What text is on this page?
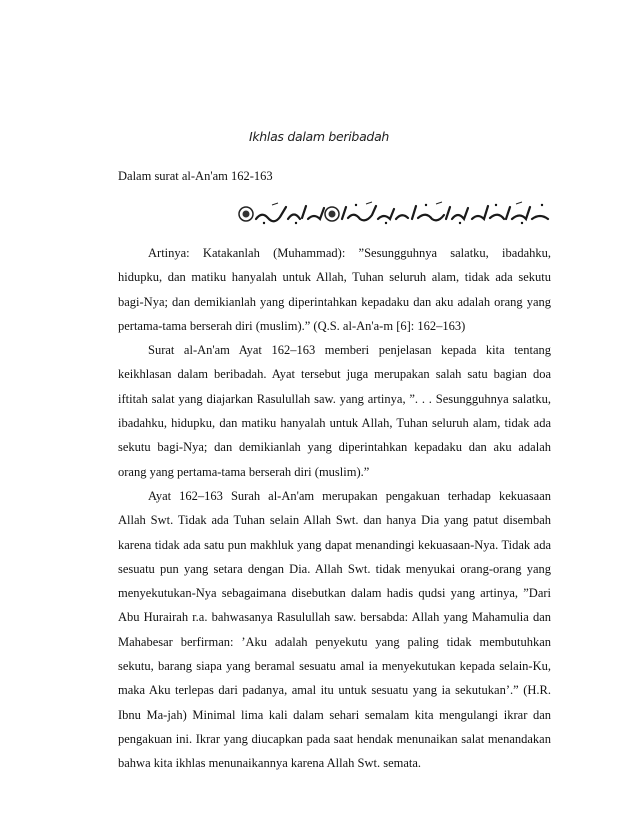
Ikhlas dalam beribadah
Dalam surat al-An'am 162-163

Artinya: Katakanlah (Muhammad): ”Sesungguhnya salatku, ibadahku,
hidupku, dan matiku hanyalah untuk Allah, Tuhan seluruh alam, tidak ada sekutu
bagi-Nya; dan demikianlah yang diperintahkan kepadaku dan aku adalah orang yang
pertama-tama berserah diri (muslim).” (Q.S. al-An'a-m [6]: 162–163)

Surat al-An'am Ayat 162–163 memberi penjelasan kepada kita tentang
keikhlasan dalam beribadah. Ayat tersebut juga merupakan salah satu bagian doa
iftitah salat yang diajarkan Rasulullah saw. yang artinya, ”. . . Sesungguhnya salatku,
ibadahku, hidupku, dan matiku hanyalah untuk Allah, Tuhan seluruh alam, tidak ada
sekutu bagi-Nya; dan demikianlah yang diperintahkan kepadaku dan aku adalah
orang yang pertama-tama berserah diri (muslim).”

Ayat 162–163 Surah al-An'am merupakan pengakuan terhadap kekuasaan
Allah Swt. Tidak ada Tuhan selain Allah Swt. dan hanya Dia yang patut disembah
karena tidak ada satu pun makhluk yang dapat menandingi kekuasaan-Nya. Tidak ada
sesuatu pun yang setara dengan Dia. Allah Swt. tidak menyukai orang-orang yang
menyekutukan-Nya sebagaimana disebutkan dalam hadis qudsi yang artinya, ”Dari
Abu Hurairah r.a. bahwasanya Rasulullah saw. bersabda: Allah yang Mahamulia dan
Mahabesar berfirman: ’Aku adalah penyekutu yang paling tidak membutuhkan
sekutu, barang siapa yang beramal sesuatu amal ia menyekutukan kepada selain-Ku,
maka Aku terlepas dari padanya, amal itu untuk sesuatu yang ia sekutukan’.” (H.R.
Ibnu Ma-jah) Minimal lima kali dalam sehari semalam kita mengulangi ikrar dan
pengakuan ini. Ikrar yang diucapkan pada saat hendak menunaikan salat menandakan
bahwa kita ikhlas menunaikannya karena Allah Swt. semata.
